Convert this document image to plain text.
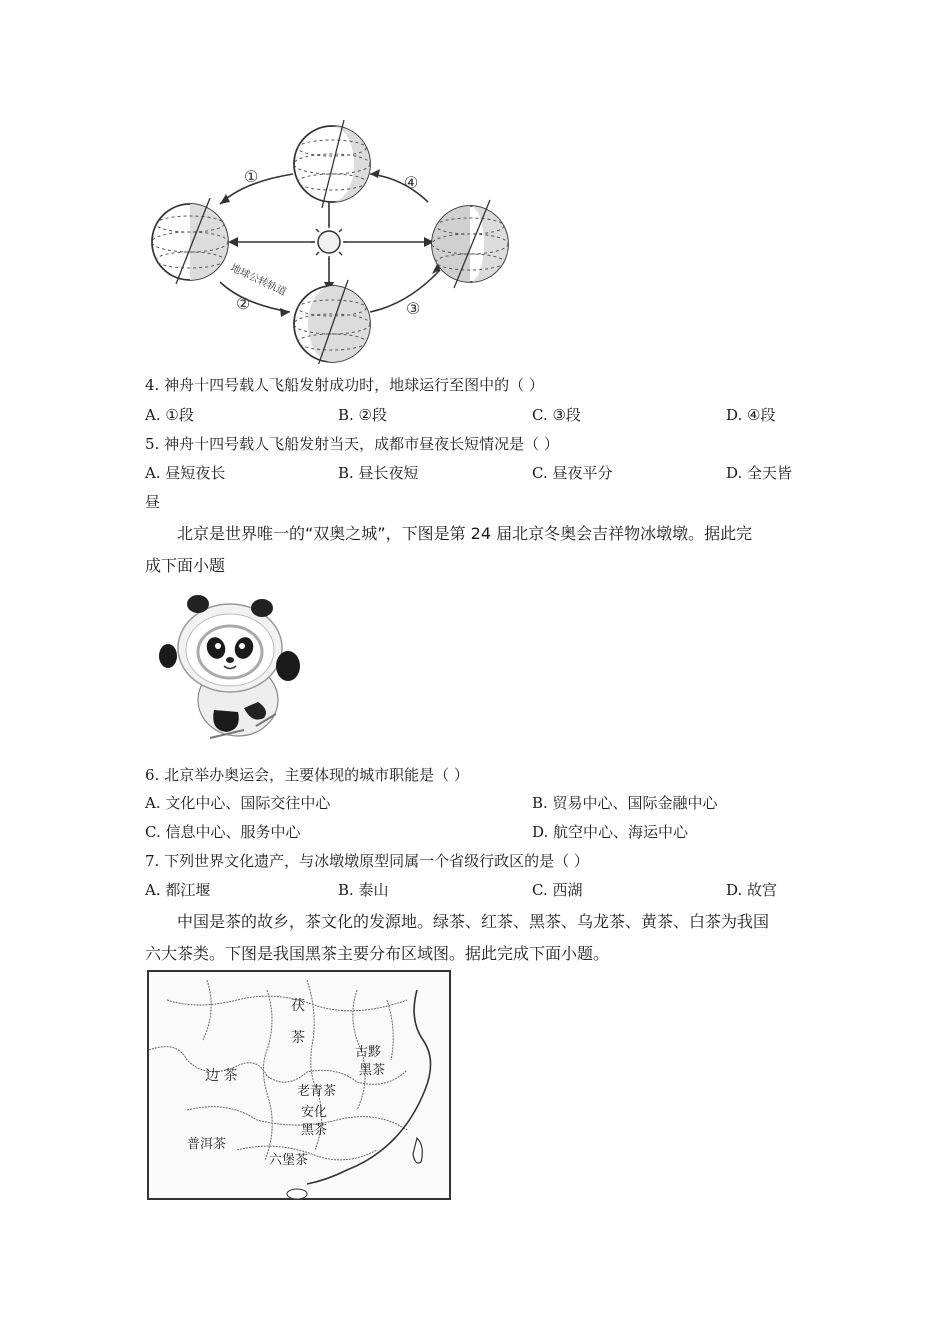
①
②	③
④
地球公转轨道
4. 神舟十四号载人飞船发射成功时，地球运行至图中的（ ）
A. ①段	B. ②段	C. ③段	D. ④段
5. 神舟十四号载人飞船发射当天，成都市昼夜长短情况是（ ）
A. 昼短夜长	B. 昼长夜短	C. 昼夜平分	D. 全天皆
昼
北京是世界唯一的“双奥之城”，下图是第 24 届北京冬奥会吉祥物冰墩墩。据此完
成下面小题
6. 北京举办奥运会，主要体现的城市职能是（ ）
A. 文化中心、国际交往中心	B. 贸易中心、国际金融中心
C. 信息中心、服务中心	D. 航空中心、海运中心
7. 下列世界文化遗产，与冰墩墩原型同属一个省级行政区的是（ ）
A. 都江堰	B. 泰山	C. 西湖	D. 故宫
中国是茶的故乡，茶文化的发源地。绿茶、红茶、黑茶、乌龙茶、黄茶、白茶为我国
六大茶类。下图是我国黑茶主要分布区域图。据此完成下面小题。
茯
茶
古黟
黑茶
边 茶
老青茶
安化
黑茶
普洱茶
六堡茶
